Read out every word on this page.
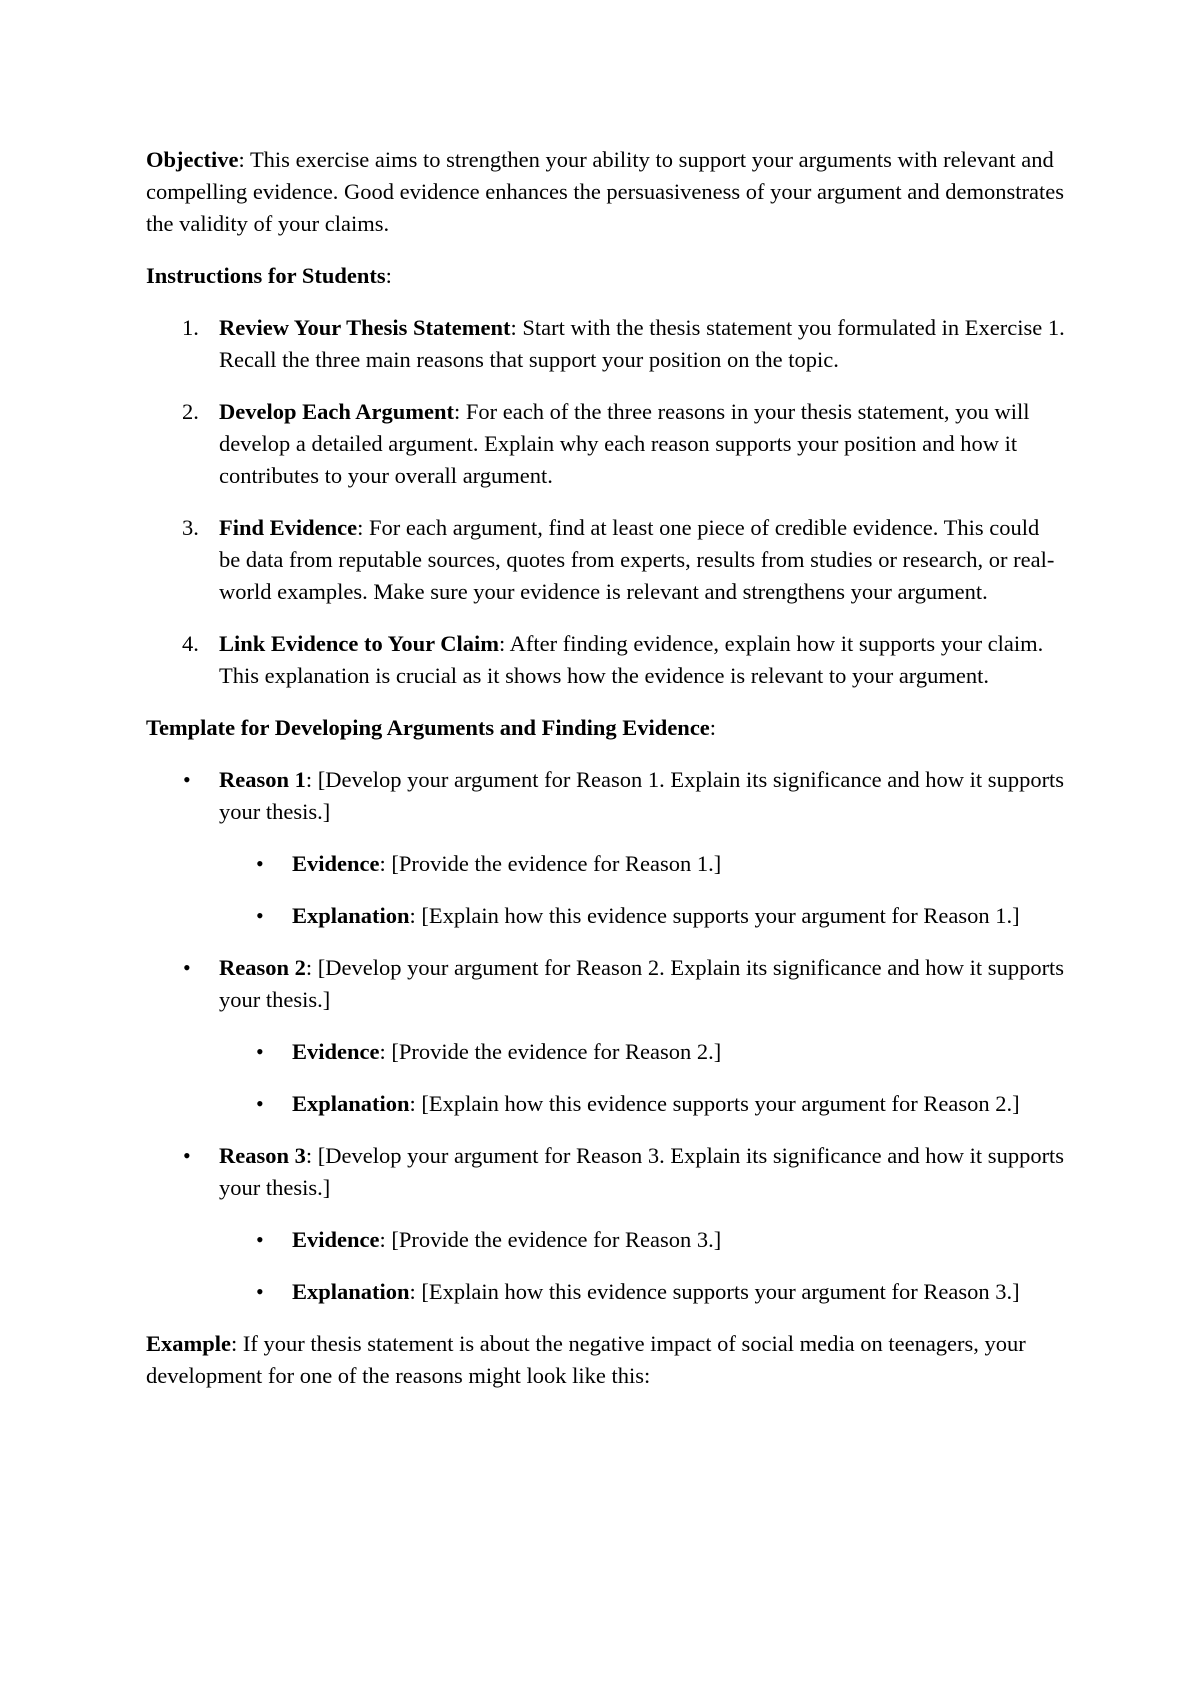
Objective: This exercise aims to strengthen your ability to support your arguments with relevant and compelling evidence. Good evidence enhances the persuasiveness of your argument and demonstrates the validity of your claims.

Instructions for Students:

1. Review Your Thesis Statement: Start with the thesis statement you formulated in Exercise 1. Recall the three main reasons that support your position on the topic.
2. Develop Each Argument: For each of the three reasons in your thesis statement, you will develop a detailed argument. Explain why each reason supports your position and how it contributes to your overall argument.
3. Find Evidence: For each argument, find at least one piece of credible evidence. This could be data from reputable sources, quotes from experts, results from studies or research, or real-world examples. Make sure your evidence is relevant and strengthens your argument.
4. Link Evidence to Your Claim: After finding evidence, explain how it supports your claim. This explanation is crucial as it shows how the evidence is relevant to your argument.

Template for Developing Arguments and Finding Evidence:

• Reason 1: [Develop your argument for Reason 1. Explain its significance and how it supports your thesis.]

• Evidence: [Provide the evidence for Reason 1.]
• Explanation: [Explain how this evidence supports your argument for Reason 1.]
• Reason 2: [Develop your argument for Reason 2. Explain its significance and how it supports your thesis.]

• Evidence: [Provide the evidence for Reason 2.]
• Explanation: [Explain how this evidence supports your argument for Reason 2.]
• Reason 3: [Develop your argument for Reason 3. Explain its significance and how it supports your thesis.]

• Evidence: [Provide the evidence for Reason 3.]
• Explanation: [Explain how this evidence supports your argument for Reason 3.]

Example: If your thesis statement is about the negative impact of social media on teenagers, your development for one of the reasons might look like this:
